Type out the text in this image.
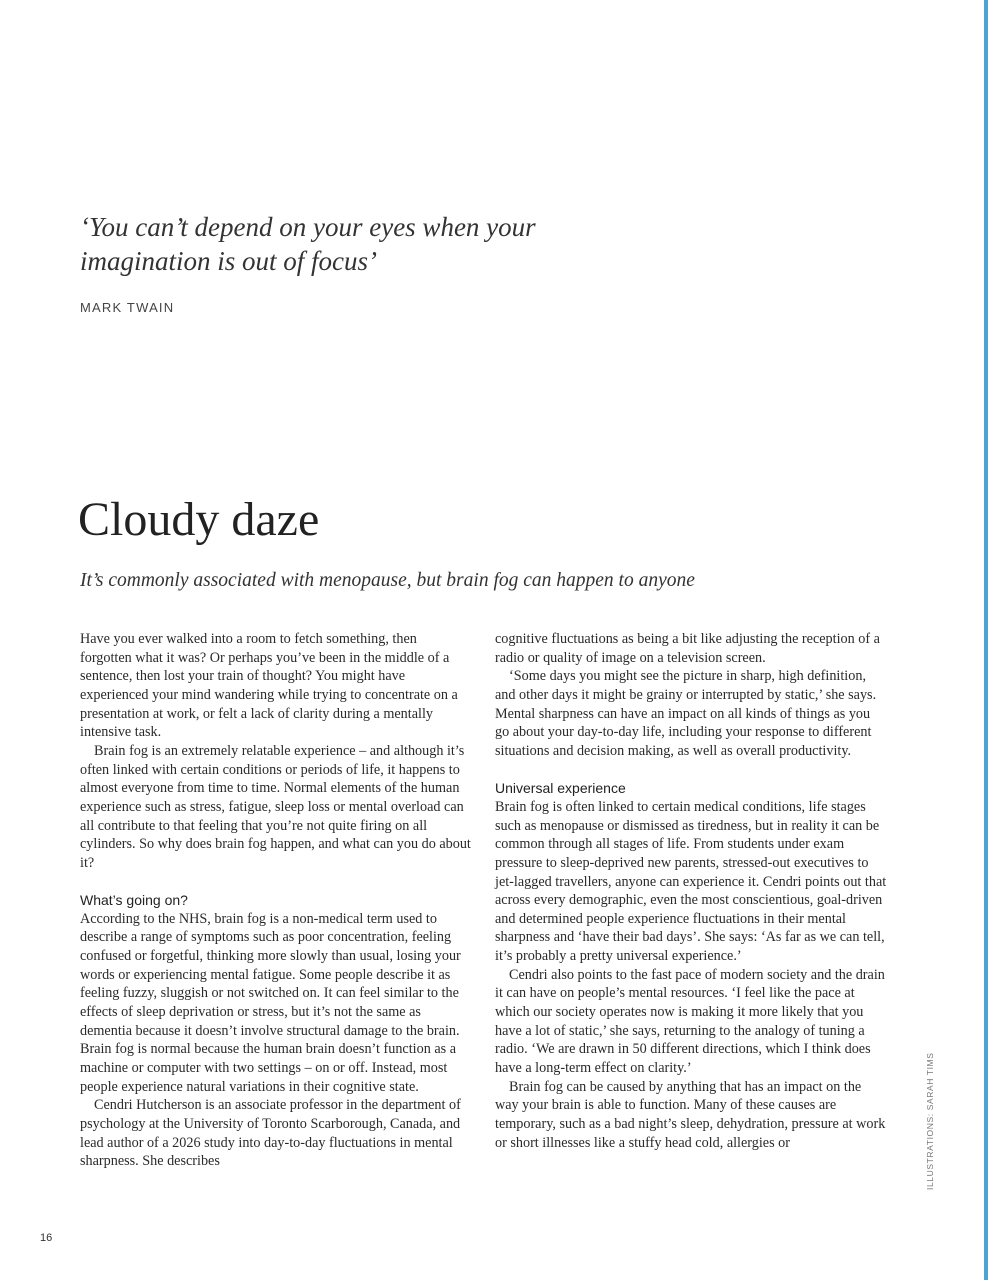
‘You can’t depend on your eyes when your imagination is out of focus’

MARK TWAIN
Cloudy daze

It’s commonly associated with menopause, but brain fog can happen to anyone

Have you ever walked into a room to fetch something, then forgotten what it was? Or perhaps you’ve been in the middle of a sentence, then lost your train of thought? You might have experienced your mind wandering while trying to concentrate on a presentation at work, or felt a lack of clarity during a mentally intensive task.

Brain fog is an extremely relatable experience – and although it’s often linked with certain conditions or periods of life, it happens to almost everyone from time to time. Normal elements of the human experience such as stress, fatigue, sleep loss or mental overload can all contribute to that feeling that you’re not quite firing on all cylinders. So why does brain fog happen, and what can you do about it?

What’s going on?

According to the NHS, brain fog is a non-medical term used to describe a range of symptoms such as poor concentration, feeling confused or forgetful, thinking more slowly than usual, losing your words or experiencing mental fatigue. Some people describe it as feeling fuzzy, sluggish or not switched on. It can feel similar to the effects of sleep deprivation or stress, but it’s not the same as dementia because it doesn’t involve structural damage to the brain. Brain fog is normal because the human brain doesn’t function as a machine or computer with two settings – on or off. Instead, most people experience natural variations in their cognitive state.

Cendri Hutcherson is an associate professor in the department of psychology at the University of Toronto Scarborough, Canada, and lead author of a 2026 study into day-to-day fluctuations in mental sharpness. She describes

cognitive fluctuations as being a bit like adjusting the reception of a radio or quality of image on a television screen.

‘Some days you might see the picture in sharp, high definition, and other days it might be grainy or interrupted by static,’ she says. Mental sharpness can have an impact on all kinds of things as you go about your day-to-day life, including your response to different situations and decision making, as well as overall productivity.

Universal experience

Brain fog is often linked to certain medical conditions, life stages such as menopause or dismissed as tiredness, but in reality it can be common through all stages of life. From students under exam pressure to sleep-deprived new parents, stressed-out executives to jet-lagged travellers, anyone can experience it. Cendri points out that across every demographic, even the most conscientious, goal-driven and determined people experience fluctuations in their mental sharpness and ‘have their bad days’. She says: ‘As far as we can tell, it’s probably a pretty universal experience.’

Cendri also points to the fast pace of modern society and the drain it can have on people’s mental resources. ‘I feel like the pace at which our society operates now is making it more likely that you have a lot of static,’ she says, returning to the analogy of tuning a radio. ‘We are drawn in 50 different directions, which I think does have a long-term effect on clarity.’

Brain fog can be caused by anything that has an impact on the way your brain is able to function. Many of these causes are temporary, such as a bad night’s sleep, dehydration, pressure at work or short illnesses like a stuffy head cold, allergies or	ILLUSTRATIONS: SARAH TIMS
16
